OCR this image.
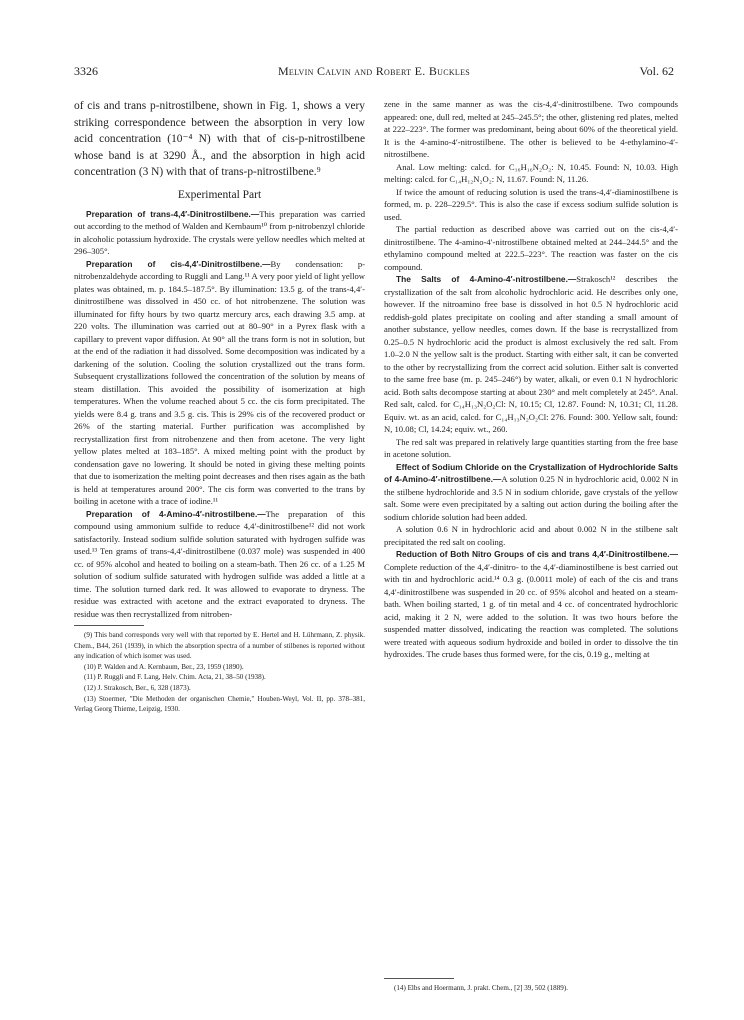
3326	Melvin Calvin and Robert E. Buckles	Vol. 62

of cis and trans p-nitrostilbene, shown in Fig. 1, shows a very striking correspondence between the absorption in very low acid concentration (10⁻⁴ N) with that of cis-p-nitrostilbene whose band is at 3290 Å., and the absorption in high acid concentration (3 N) with that of trans-p-nitrostilbene.⁹

Experimental Part

Preparation of trans-4,4′-Dinitrostilbene.—This preparation was carried out according to the method of Walden and Kernbaum¹⁰ from p-nitrobenzyl chloride in alcoholic potassium hydroxide. The crystals were yellow needles which melted at 296–305°.

Preparation of cis-4,4′-Dinitrostilbene.—By condensation: p-nitrobenzaldehyde according to Ruggli and Lang.¹¹ A very poor yield of light yellow plates was obtained, m. p. 184.5–187.5°. By illumination: 13.5 g. of the trans-4,4′-dinitrostilbene was dissolved in 450 cc. of hot nitrobenzene. The solution was illuminated for fifty hours by two quartz mercury arcs, each drawing 3.5 amp. at 220 volts. The illumination was carried out at 80–90° in a Pyrex flask with a capillary to prevent vapor diffusion. At 90° all the trans form is not in solution, but at the end of the radiation it had dissolved. Some decomposition was indicated by a darkening of the solution. Cooling the solution crystallized out the trans form. Subsequent crystallizations followed the concentration of the solution by means of steam distillation. This avoided the possibility of isomerization at high temperatures. When the volume reached about 5 cc. the cis form precipitated. The yields were 8.4 g. trans and 3.5 g. cis. This is 29% cis of the recovered product or 26% of the starting material. Further purification was accomplished by recrystallization first from nitrobenzene and then from acetone. The very light yellow plates melted at 183–185°. A mixed melting point with the product by condensation gave no lowering. It should be noted in giving these melting points that due to isomerization the melting point decreases and then rises again as the bath is held at temperatures around 200°. The cis form was converted to the trans by boiling in acetone with a trace of iodine.¹¹

Preparation of 4-Amino-4′-nitrostilbene.—The preparation of this compound using ammonium sulfide to reduce 4,4′-dinitrostilbene¹² did not work satisfactorily. Instead sodium sulfide solution saturated with hydrogen sulfide was used.¹³ Ten grams of trans-4,4′-dinitrostilbene (0.037 mole) was suspended in 400 cc. of 95% alcohol and heated to boiling on a steam-bath. Then 26 cc. of a 1.25 M solution of sodium sulfide saturated with hydrogen sulfide was added a little at a time. The solution turned dark red. It was allowed to evaporate to dryness. The residue was extracted with acetone and the extract evaporated to dryness. The residue was then recrystallized from nitroben-

(9) This band corresponds very well with that reported by E. Hertel and H. Lührmann, Z. physik. Chem., B44, 261 (1939), in which the absorption spectra of a number of stilbenes is reported without any indication of which isomer was used.

(10) P. Walden and A. Kernbaum, Ber., 23, 1959 (1890).

(11) P. Ruggli and F. Lang, Helv. Chim. Acta, 21, 38–50 (1938).

(12) J. Strakosch, Ber., 6, 328 (1873).

(13) Stoermer, "Die Methoden der organischen Chemie," Houben-Weyl, Vol. II, pp. 378–381, Verlag Georg Thieme, Leipzig, 1930.

zene in the same manner as was the cis-4,4′-dinitrostilbene. Two compounds appeared: one, dull red, melted at 245–245.5°; the other, glistening red plates, melted at 222–223°. The former was predominant, being about 60% of the theoretical yield. It is the 4-amino-4′-nitrostilbene. The other is believed to be 4-ethylamino-4′-nitrostilbene.

Anal. Low melting: calcd. for C₁₆H₁₆N₂O₂: N, 10.45. Found: N, 10.03. High melting: calcd. for C₁₄H₁₂N₂O₂: N, 11.67. Found: N, 11.26.

If twice the amount of reducing solution is used the trans-4,4′-diaminostilbene is formed, m. p. 228–229.5°. This is also the case if excess sodium sulfide solution is used.

The partial reduction as described above was carried out on the cis-4,4′-dinitrostilbene. The 4-amino-4′-nitrostilbene obtained melted at 244–244.5° and the ethylamino compound melted at 222.5–223°. The reaction was faster on the cis compound.

The Salts of 4-Amino-4′-nitrostilbene.—Strakosch¹² describes the crystallization of the salt from alcoholic hydrochloric acid. He describes only one, however. If the nitroamino free base is dissolved in hot 0.5 N hydrochloric acid reddish-gold plates precipitate on cooling and after standing a small amount of another substance, yellow needles, comes down. If the base is recrystallized from 0.25–0.5 N hydrochloric acid the product is almost exclusively the red salt. From 1.0–2.0 N the yellow salt is the product. Starting with either salt, it can be converted to the other by recrystallizing from the correct acid solution. Either salt is converted to the same free base (m. p. 245–246°) by water, alkali, or even 0.1 N hydrochloric acid. Both salts decompose starting at about 230° and melt completely at 245°. Anal. Red salt, calcd. for C₁₄H₁₃N₂O₂Cl: N, 10.15; Cl, 12.87. Found: N, 10.31; Cl, 11.28. Equiv. wt. as an acid, calcd. for C₁₄H₁₃N₂O₂Cl: 276. Found: 300. Yellow salt, found: N, 10.08; Cl, 14.24; equiv. wt., 260.

The red salt was prepared in relatively large quantities starting from the free base in acetone solution.

Effect of Sodium Chloride on the Crystallization of Hydrochloride Salts of 4-Amino-4′-nitrostilbene.—A solution 0.25 N in hydrochloric acid, 0.002 N in the stilbene hydrochloride and 3.5 N in sodium chloride, gave crystals of the yellow salt. Some were even precipitated by a salting out action during the boiling after the sodium chloride solution had been added.

A solution 0.6 N in hydrochloric acid and about 0.002 N in the stilbene salt precipitated the red salt on cooling.

Reduction of Both Nitro Groups of cis and trans 4,4′-Dinitrostilbene.—Complete reduction of the 4,4′-dinitro- to the 4,4′-diaminostilbene is best carried out with tin and hydrochloric acid.¹⁴ 0.3 g. (0.0011 mole) of each of the cis and trans 4,4′-dinitrostilbene was suspended in 20 cc. of 95% alcohol and heated on a steam-bath. When boiling started, 1 g. of tin metal and 4 cc. of concentrated hydrochloric acid, making it 2 N, were added to the solution. It was two hours before the suspended matter dissolved, indicating the reaction was completed. The solutions were treated with aqueous sodium hydroxide and boiled in order to dissolve the tin hydroxides. The crude bases thus formed were, for the cis, 0.19 g., melting at

(14) Elbs and Hoermann, J. prakt. Chem., [2] 39, 502 (1889).
